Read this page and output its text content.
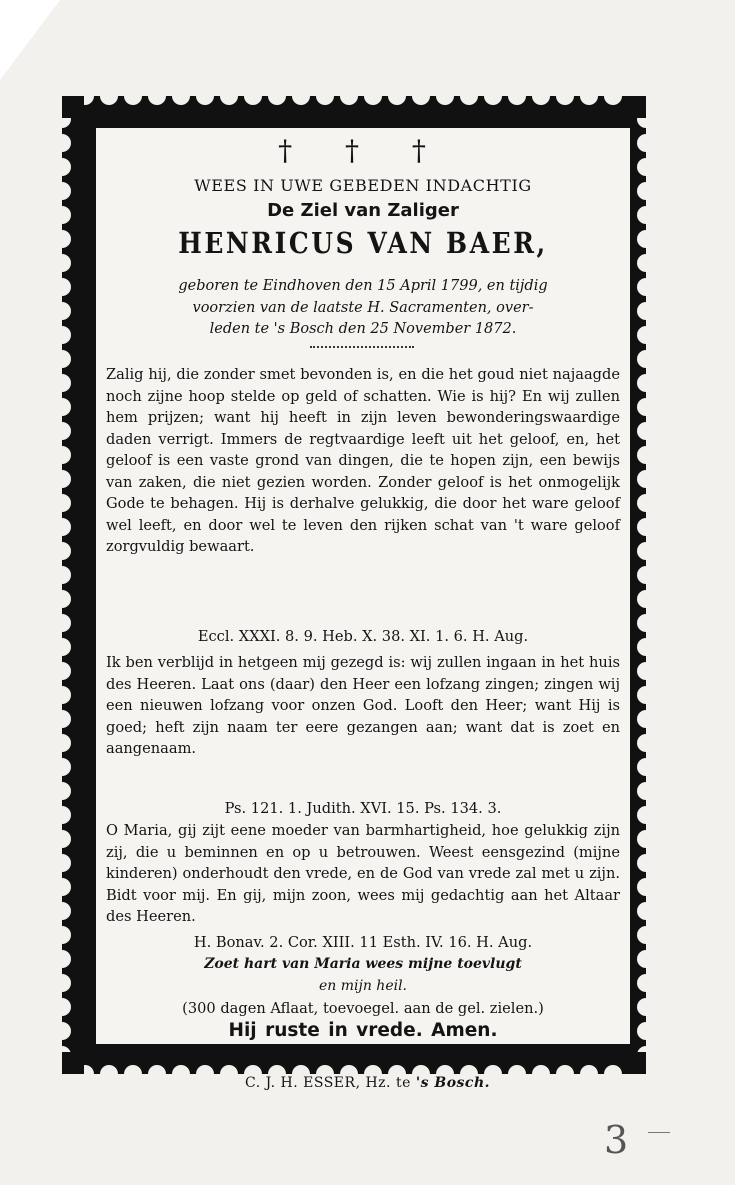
† † †
WEES IN UWE GEBEDEN INDACHTIG
De Ziel van Zaliger
HENRICUS VAN BAER,
geboren te Eindhoven den 15 April 1799, en tijdig
voorzien van de laatste H. Sacramenten, over-
leden te 's Bosch den 25 November 1872.
Zalig hij, die zonder smet bevonden is, en die het goud niet najaagde noch zijne hoop stelde op geld of schatten. Wie is hij? En wij zullen hem prijzen; want hij heeft in zijn leven bewonderingswaardige daden verrigt. Immers de regtvaardige leeft uit het geloof, en, het geloof is een vaste grond van dingen, die te hopen zijn, een bewijs van zaken, die niet gezien worden. Zonder geloof is het onmogelijk Gode te behagen. Hij is derhalve gelukkig, die door het ware geloof wel leeft, en door wel te leven den rijken schat van 't ware geloof zorgvuldig bewaart.
Eccl. XXXI. 8. 9. Heb. X. 38. XI. 1. 6. H. Aug.
Ik ben verblijd in hetgeen mij gezegd is: wij zullen ingaan in het huis des Heeren. Laat ons (daar) den Heer een lofzang zingen; zingen wij een nieuwen lofzang voor onzen God. Looft den Heer; want Hij is goed; heft zijn naam ter eere gezangen aan; want dat is zoet en aangenaam.
Ps. 121. 1. Judith. XVI. 15. Ps. 134. 3.
O Maria, gij zijt eene moeder van barmhartigheid, hoe gelukkig zijn zij, die u beminnen en op u betrouwen. Weest eensgezind (mijne kinderen) onderhoudt den vrede, en de God van vrede zal met u zijn. Bidt voor mij. En gij, mijn zoon, wees mij gedachtig aan het Altaar des Heeren.
H. Bonav. 2. Cor. XIII. 11 Esth. IV. 16. H. Aug.
Zoet hart van Maria wees mijne toevlugt
en mijn heil.
(300 dagen Aflaat, toevoegel. aan de gel. zielen.)
Hij ruste in vrede. Amen.
C. J. H. ESSER, Hz. te 's Bosch.
3
